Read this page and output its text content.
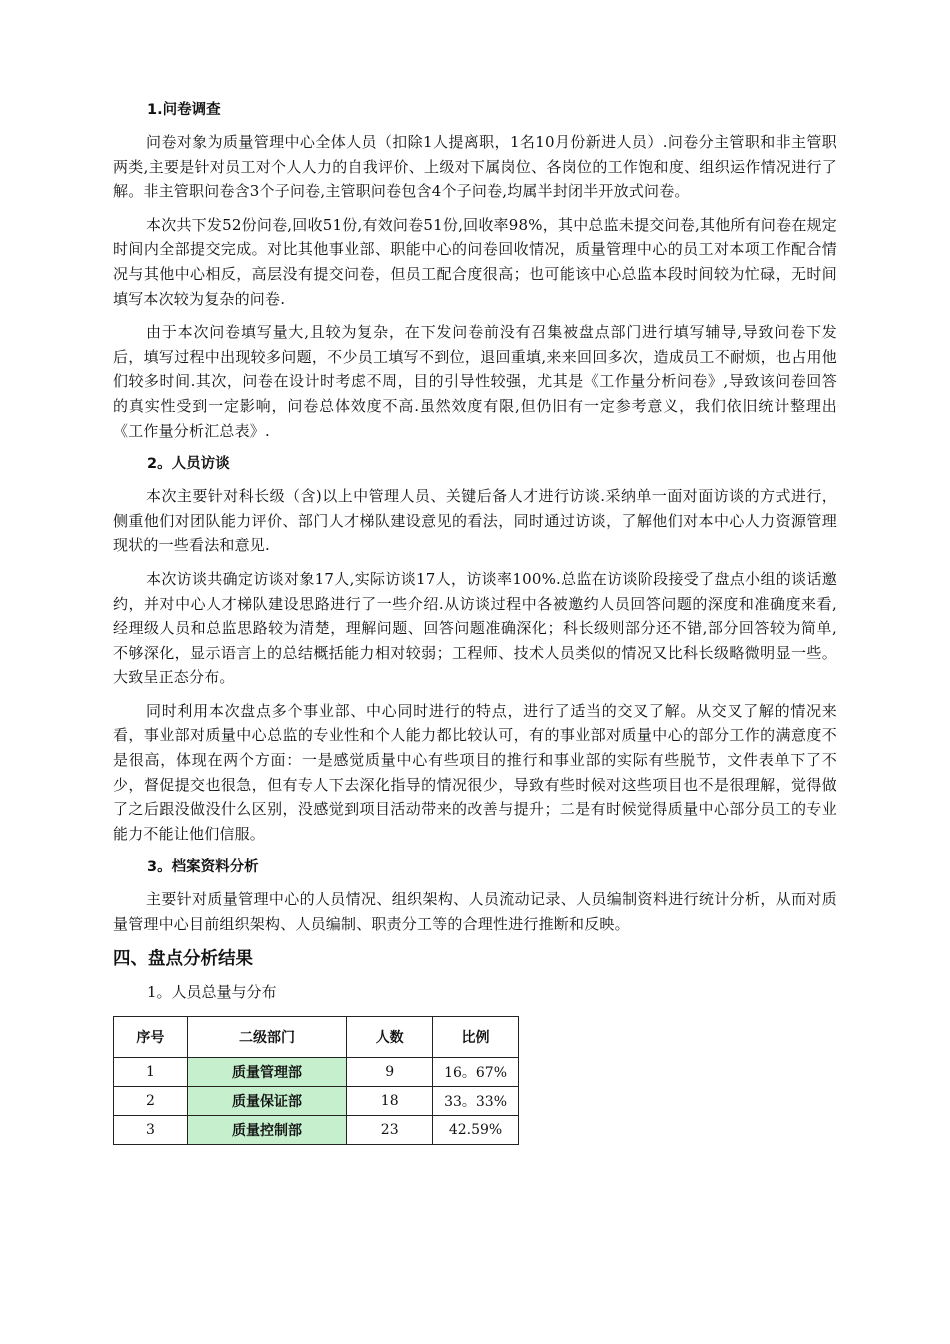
1.问卷调查

问卷对象为质量管理中心全体人员（扣除1人提离职，1名10月份新进人员）.问卷分主管职和非主管职两类,主要是针对员工对个人人力的自我评价、上级对下属岗位、各岗位的工作饱和度、组织运作情况进行了解。非主管职问卷含3个子问卷,主管职问卷包含4个子问卷,均属半封闭半开放式问卷。

本次共下发52份问卷,回收51份,有效问卷51份,回收率98%，其中总监未提交问卷,其他所有问卷在规定时间内全部提交完成。对比其他事业部、职能中心的问卷回收情况，质量管理中心的员工对本项工作配合情况与其他中心相反，高层没有提交问卷，但员工配合度很高；也可能该中心总监本段时间较为忙碌，无时间填写本次较为复杂的问卷.

由于本次问卷填写量大,且较为复杂，在下发问卷前没有召集被盘点部门进行填写辅导,导致问卷下发后，填写过程中出现较多问题，不少员工填写不到位，退回重填,来来回回多次，造成员工不耐烦，也占用他们较多时间.其次，问卷在设计时考虑不周，目的引导性较强，尤其是《工作量分析问卷》,导致该问卷回答的真实性受到一定影响，问卷总体效度不高.虽然效度有限,但仍旧有一定参考意义，我们依旧统计整理出《工作量分析汇总表》.

2。人员访谈

本次主要针对科长级（含)以上中管理人员、关键后备人才进行访谈.采纳单一面对面访谈的方式进行，侧重他们对团队能力评价、部门人才梯队建设意见的看法，同时通过访谈，了解他们对本中心人力资源管理现状的一些看法和意见.

本次访谈共确定访谈对象17人,实际访谈17人，访谈率100%.总监在访谈阶段接受了盘点小组的谈话邀约，并对中心人才梯队建设思路进行了一些介绍.从访谈过程中各被邀约人员回答问题的深度和准确度来看,经理级人员和总监思路较为清楚，理解问题、回答问题准确深化；科长级则部分还不错,部分回答较为简单,不够深化，显示语言上的总结概括能力相对较弱；工程师、技术人员类似的情况又比科长级略微明显一些。大致呈正态分布。

同时利用本次盘点多个事业部、中心同时进行的特点，进行了适当的交叉了解。从交叉了解的情况来看，事业部对质量中心总监的专业性和个人能力都比较认可，有的事业部对质量中心的部分工作的满意度不是很高，体现在两个方面：一是感觉质量中心有些项目的推行和事业部的实际有些脱节，文件表单下了不少，督促提交也很急，但有专人下去深化指导的情况很少，导致有些时候对这些项目也不是很理解，觉得做了之后跟没做没什么区别，没感觉到项目活动带来的改善与提升；二是有时候觉得质量中心部分员工的专业能力不能让他们信服。

3。档案资料分析

主要针对质量管理中心的人员情况、组织架构、人员流动记录、人员编制资料进行统计分析，从而对质量管理中心目前组织架构、人员编制、职责分工等的合理性进行推断和反映。

四、盘点分析结果
1。人员总量与分布
序号	二级部门	人数	比例
1	质量管理部	9	16。67%
2	质量保证部	18	33。33%
3	质量控制部	23	42.59%
